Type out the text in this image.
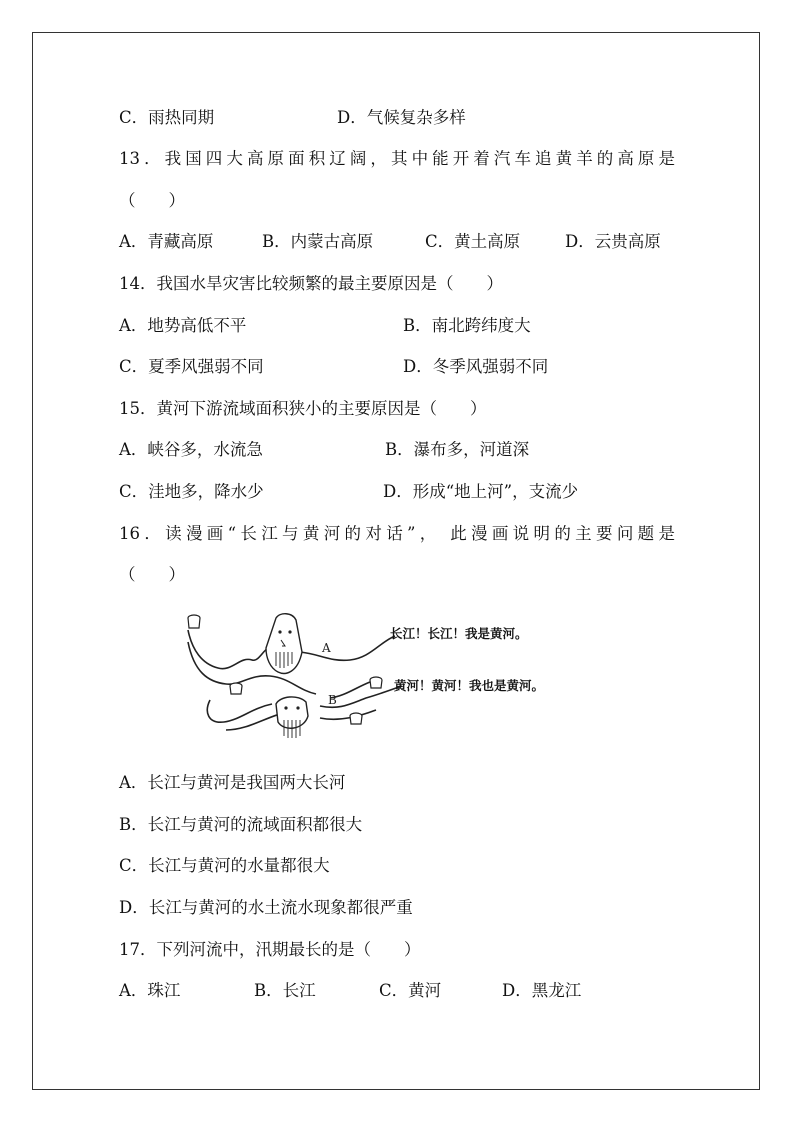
C．雨热同期	D．气候复杂多样
13．我国四大高原面积辽阔，其中能开着汽车追黄羊的高原是
（　　）
A．青藏高原	B．内蒙古高原	C．黄土高原	D．云贵高原
14．我国水旱灾害比较频繁的最主要原因是（　　）
A．地势高低不平	B．南北跨纬度大
C．夏季风强弱不同	D．冬季风强弱不同
15．黄河下游流域面积狭小的主要原因是（　　）
A．峡谷多，水流急	B．瀑布多，河道深
C．洼地多，降水少	D．形成“地上河”，支流少
16．读漫画“长江与黄河的对话”， 此漫画说明的主要问题是
（　　）
A
B
长江！长江！我是黄河。
黄河！黄河！我也是黄河。
A．长江与黄河是我国两大长河
B．长江与黄河的流域面积都很大
C．长江与黄河的水量都很大
D．长江与黄河的水土流水现象都很严重
17．下列河流中，汛期最长的是（　　）
A．珠江	B．长江	C．黄河	D．黑龙江
